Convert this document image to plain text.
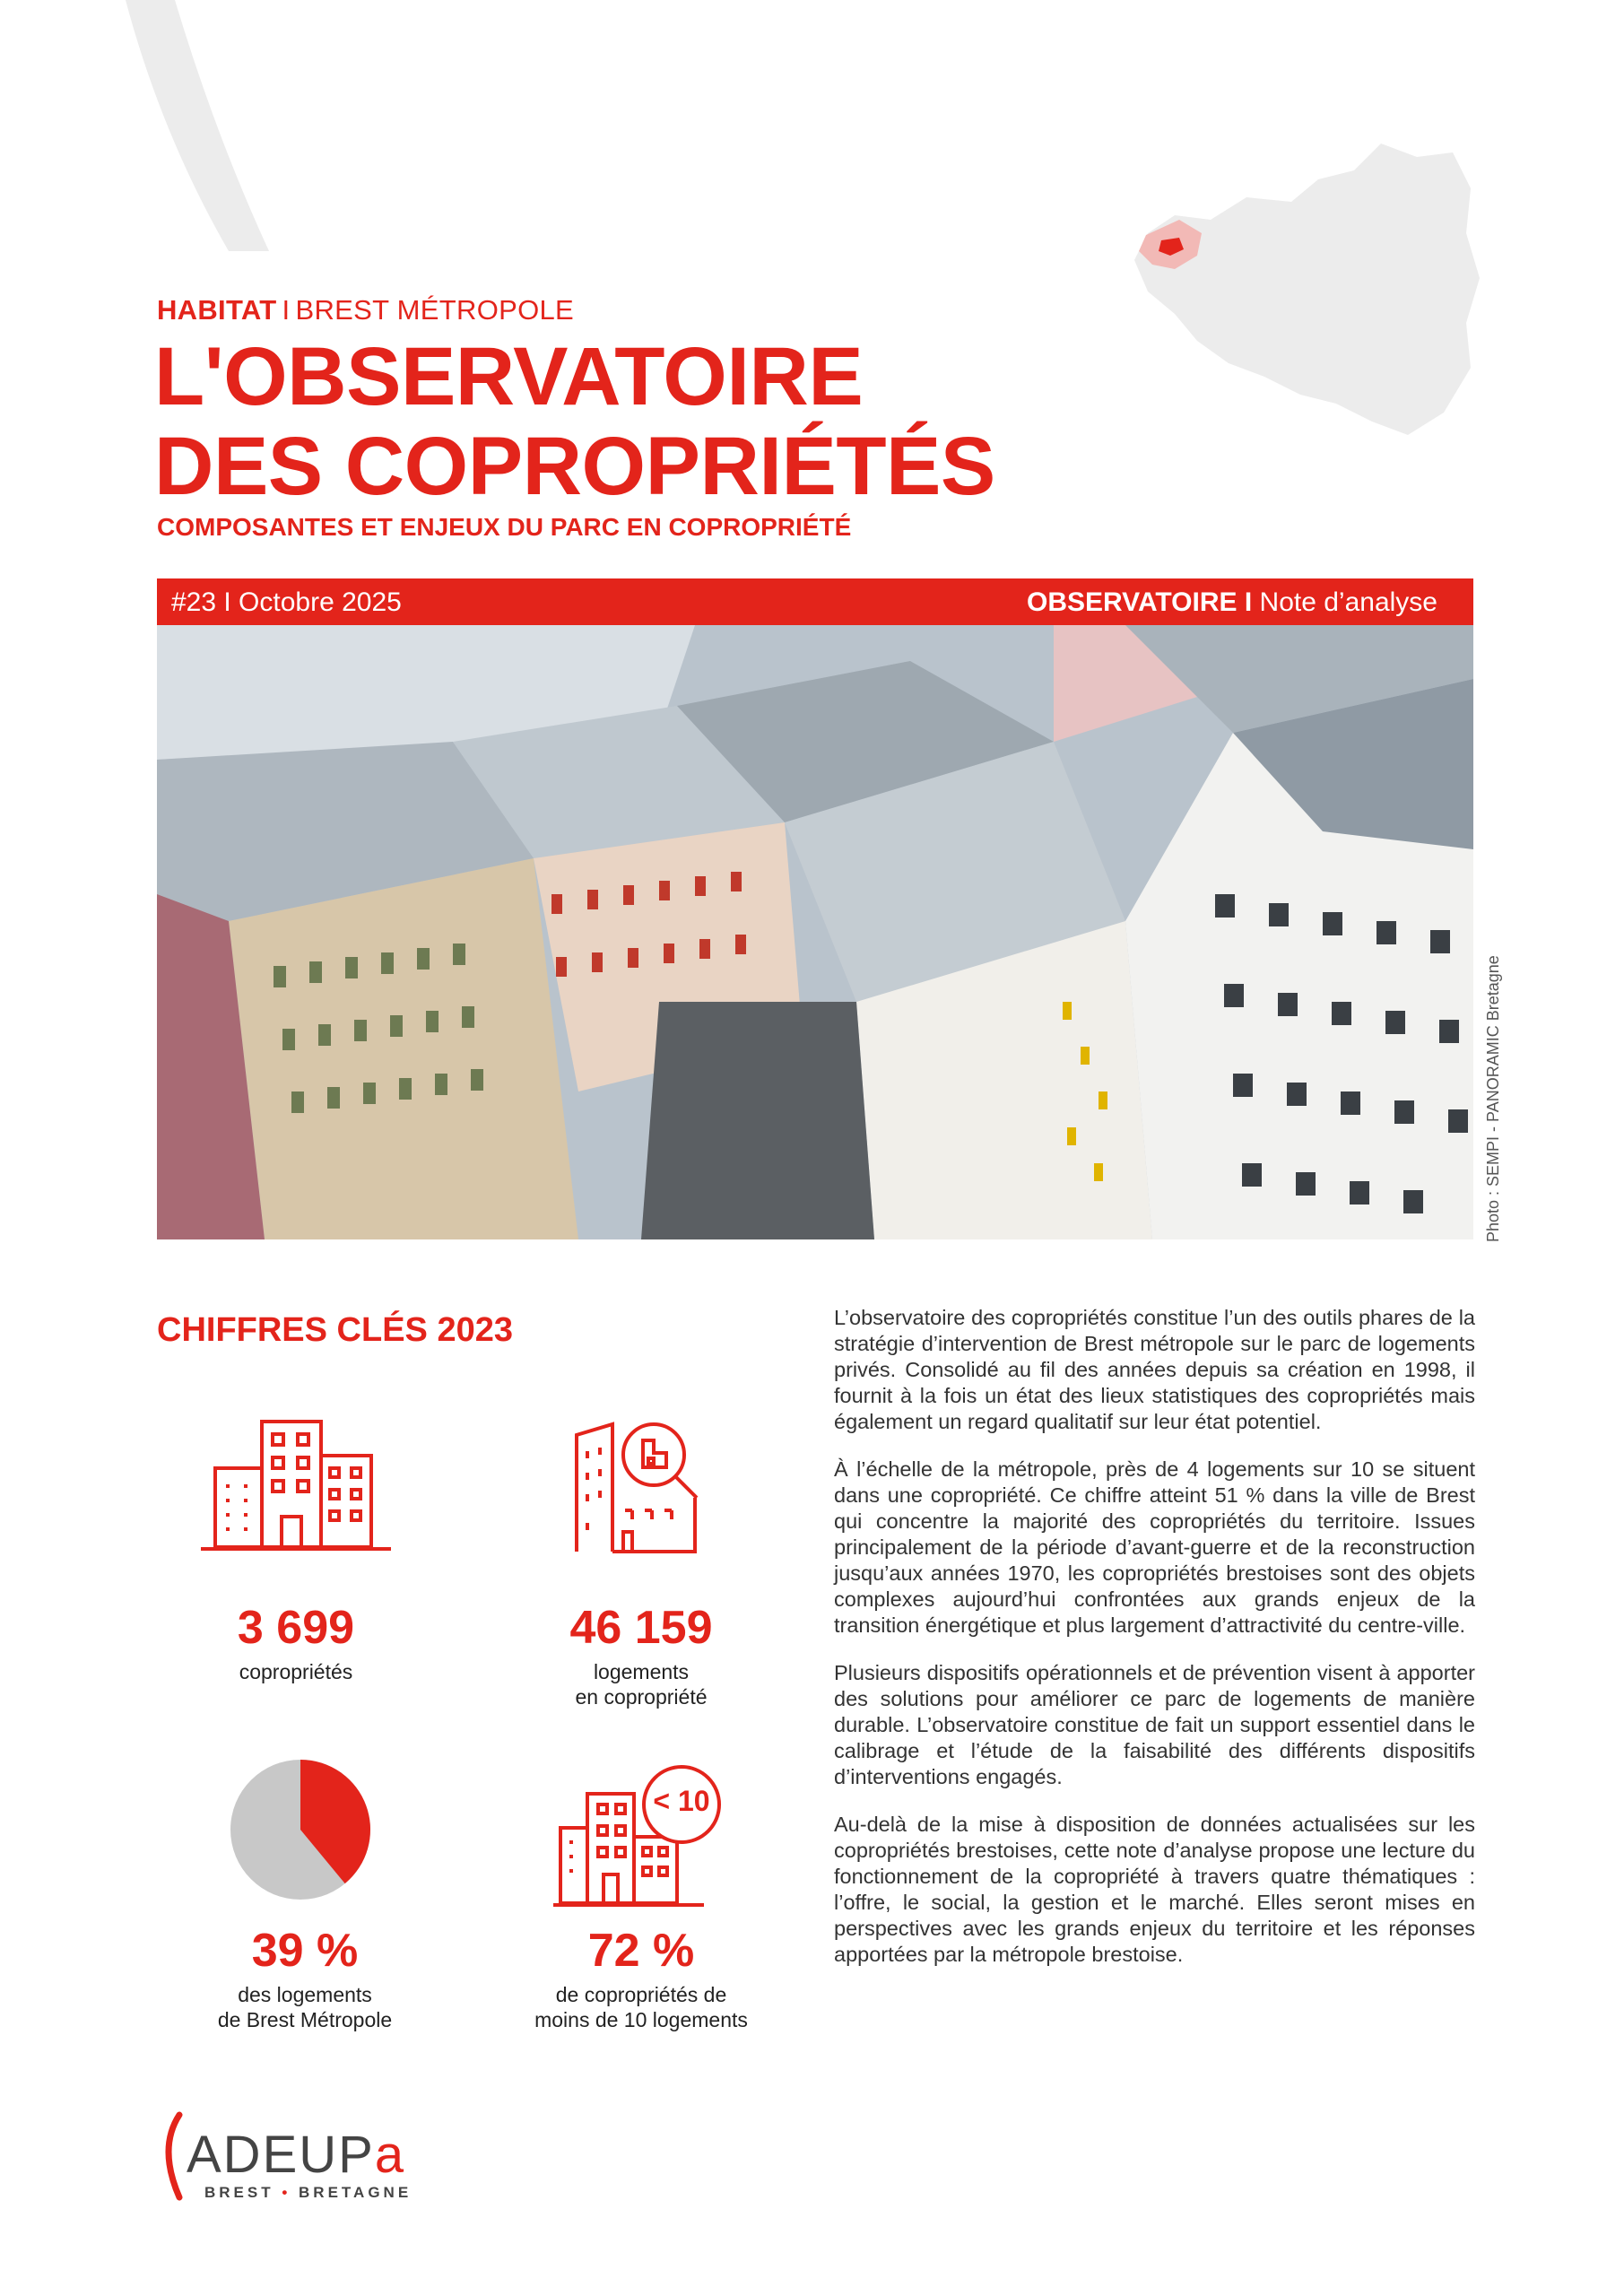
HABITAT I BREST MÉTROPOLE
L'OBSERVATOIRE
DES COPROPRIÉTÉS
COMPOSANTES ET ENJEUX DU PARC EN COPROPRIÉTÉ
#23 I Octobre 2025	OBSERVATOIRE I Note d’analyse
Photo : SEMPI - PANORAMIC Bretagne
CHIFFRES CLÉS 2023
3 699
copropriétés
46 159
logements
en copropriété
39 %
des logements
de Brest Métropole
< 10
72 %
de copropriétés de
moins de 10 logements

L’observatoire des copropriétés constitue l’un des outils phares de la stratégie d’intervention de Brest métropole sur le parc de logements privés. Consolidé au fil des années depuis sa création en 1998, il fournit à la fois un état des lieux statistiques des copropriétés mais également un regard qualitatif sur leur état potentiel.

À l’échelle de la métropole, près de 4 logements sur 10 se situent dans une copropriété. Ce chiffre atteint 51 % dans la ville de Brest qui concentre la majorité des copropriétés du territoire. Issues principalement de la période d’avant-guerre et de la reconstruction jusqu’aux années 1970, les copropriétés brestoises sont des objets complexes aujourd’hui confrontées aux grands enjeux de la transition énergétique et plus largement d’attractivité du centre-ville.

Plusieurs dispositifs opérationnels et de prévention visent à apporter des solutions pour améliorer ce parc de logements de manière durable. L’observatoire constitue de fait un support essentiel dans le calibrage et l’étude de la faisabilité des différents dispositifs d’interventions engagés.

Au-delà de la mise à disposition de données actualisées sur les copropriétés brestoises, cette note d’analyse propose une lecture du fonctionnement de la copropriété à travers quatre thématiques : l’offre, le social, la gestion et le marché. Elles seront mises en perspectives avec les grands enjeux du territoire et les réponses apportées par la métropole brestoise.

ADEUPa
BREST • BRETAGNE
